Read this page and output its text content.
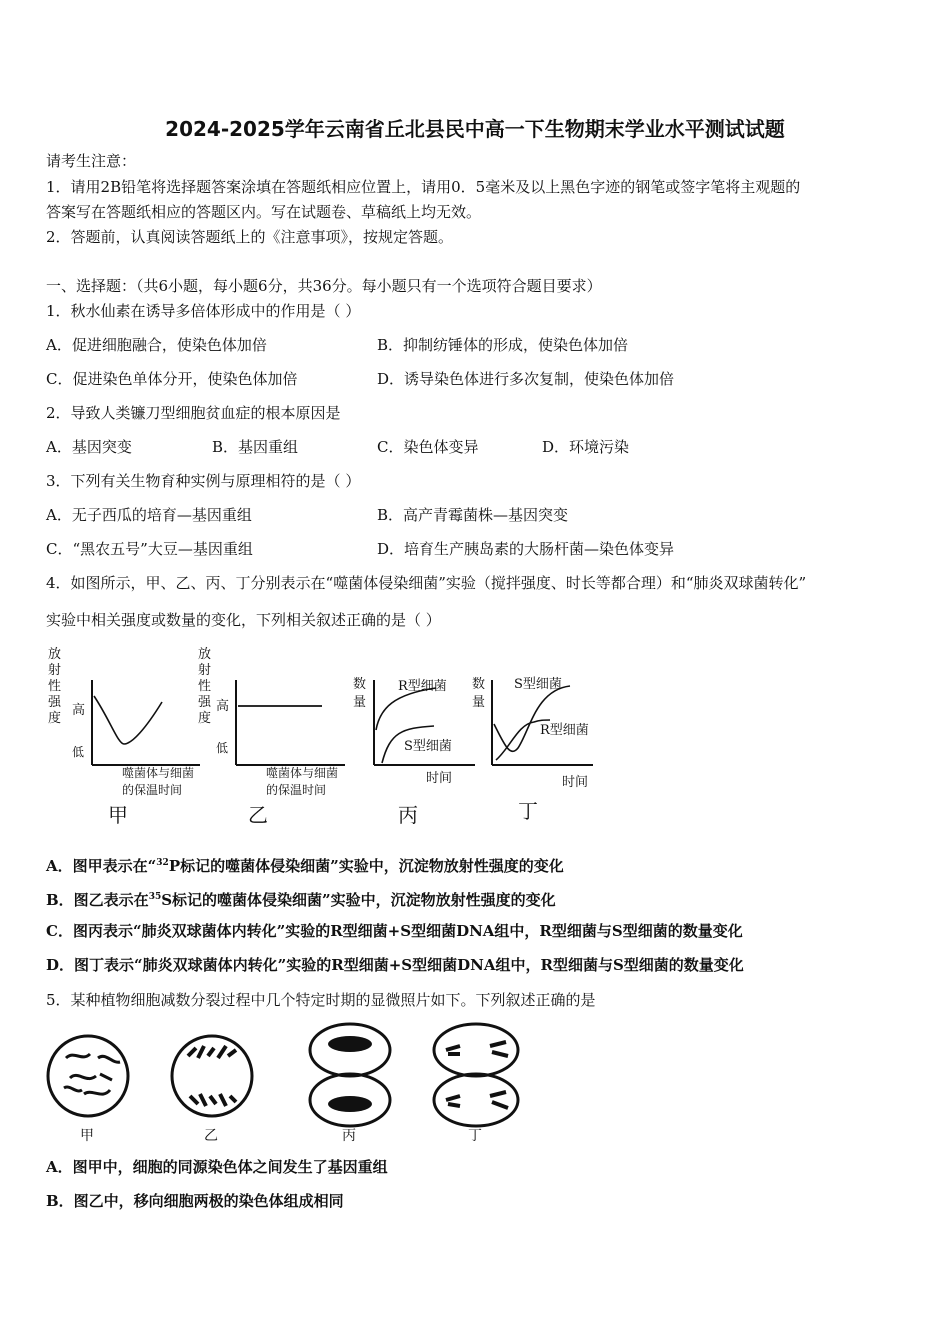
2024-2025学年云南省丘北县民中高一下生物期末学业水平测试试题
请考生注意：
1．请用2B铅笔将选择题答案涂填在答题纸相应位置上，请用0．5毫米及以上黑色字迹的钢笔或签字笔将主观题的
答案写在答题纸相应的答题区内。写在试题卷、草稿纸上均无效。
2．答题前，认真阅读答题纸上的《注意事项》，按规定答题。
一、选择题：（共6小题，每小题6分，共36分。每小题只有一个选项符合题目要求）
1．秋水仙素在诱导多倍体形成中的作用是（ ）
A．促进细胞融合，使染色体加倍	B．抑制纺锤体的形成，使染色体加倍
C．促进染色单体分开，使染色体加倍	D．诱导染色体进行多次复制，使染色体加倍
2．导致人类镰刀型细胞贫血症的根本原因是
A．基因突变	B．基因重组	C．染色体变异	D．环境污染
3．下列有关生物育种实例与原理相符的是（ ）
A．无子西瓜的培育—基因重组	B．高产青霉菌株—基因突变
C．“黑农五号”大豆—基因重组	D．培育生产胰岛素的大肠杆菌—染色体变异
4．如图所示，甲、乙、丙、丁分别表示在“噬菌体侵染细菌”实验（搅拌强度、时长等都合理）和“肺炎双球菌转化”
实验中相关强度或数量的变化，下列相关叙述正确的是（ ）
放
射
性
强
度
高
低
噬菌体与细菌
的保温时间
甲
放
射
性
强
度
高
低
噬菌体与细菌
的保温时间
乙
数
量
R型细菌
S型细菌
时间
丙
数
量
S型细菌
R型细菌
时间
丁
A．图甲表示在“$^{32}$P标记的噬菌体侵染细菌”实验中，沉淀物放射性强度的变化
B．图乙表示在$^{35}$S标记的噬菌体侵染细菌”实验中，沉淀物放射性强度的变化
C．图丙表示“肺炎双球菌体内转化”实验的R型细菌+S型细菌DNA组中，R型细菌与S型细菌的数量变化
D．图丁表示“肺炎双球菌体内转化”实验的R型细菌+S型细菌DNA组中，R型细菌与S型细菌的数量变化
5．某种植物细胞减数分裂过程中几个特定时期的显微照片如下。下列叙述正确的是
甲	乙	丙	丁
A．图甲中，细胞的同源染色体之间发生了基因重组
B．图乙中，移向细胞两极的染色体组成相同
